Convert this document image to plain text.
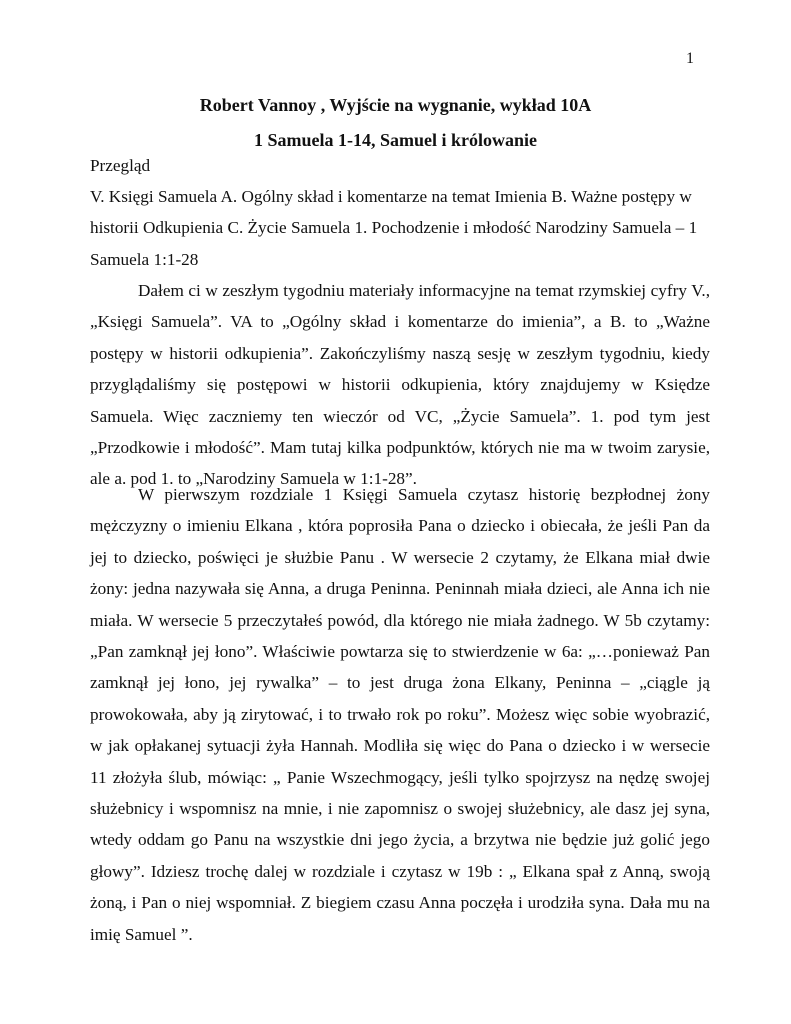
1
Robert Vannoy , Wyjście na wygnanie, wykład 10A
1 Samuela 1-14, Samuel i królowanie
Przegląd
V. Księgi Samuela A. Ogólny skład i komentarze na temat Imienia B. Ważne postępy w historii Odkupienia C. Życie Samuela 1. Pochodzenie i młodość Narodziny Samuela – 1 Samuela 1:1-28

Dałem ci w zeszłym tygodniu materiały informacyjne na temat rzymskiej cyfry V., „Księgi Samuela”. VA to „Ogólny skład i komentarze do imienia”, a B. to „Ważne postępy w historii odkupienia”. Zakończyliśmy naszą sesję w zeszłym tygodniu, kiedy przyglądaliśmy się postępowi w historii odkupienia, który znajdujemy w Księdze Samuela. Więc zaczniemy ten wieczór od VC, „Życie Samuela”. 1. pod tym jest „Przodkowie i młodość”. Mam tutaj kilka podpunktów, których nie ma w twoim zarysie, ale a. pod 1. to „Narodziny Samuela w 1:1-28”.

W pierwszym rozdziale 1 Księgi Samuela czytasz historię bezpłodnej żony mężczyzny o imieniu Elkana , która poprosiła Pana o dziecko i obiecała, że jeśli Pan da jej to dziecko, poświęci je służbie Panu . W wersecie 2 czytamy, że Elkana miał dwie żony: jedna nazywała się Anna, a druga Peninna. Peninnah miała dzieci, ale Anna ich nie miała. W wersecie 5 przeczytałeś powód, dla którego nie miała żadnego. W 5b czytamy: „Pan zamknął jej łono”. Właściwie powtarza się to stwierdzenie w 6a: „…ponieważ Pan zamknął jej łono, jej rywalka” – to jest druga żona Elkany, Peninna – „ciągle ją prowokowała, aby ją zirytować, i to trwało rok po roku”. Możesz więc sobie wyobrazić, w jak opłakanej sytuacji żyła Hannah. Modliła się więc do Pana o dziecko i w wersecie 11 złożyła ślub, mówiąc: „ Panie Wszechmogący, jeśli tylko spojrzysz na nędzę swojej służebnicy i wspomnisz na mnie, i nie zapomnisz o swojej służebnicy, ale dasz jej syna, wtedy oddam go Panu na wszystkie dni jego życia, a brzytwa nie będzie już golić jego głowy”. Idziesz trochę dalej w rozdziale i czytasz w 19b : „ Elkana spał z Anną, swoją żoną, i Pan o niej wspomniał. Z biegiem czasu Anna poczęła i urodziła syna. Dała mu na imię Samuel ”.
